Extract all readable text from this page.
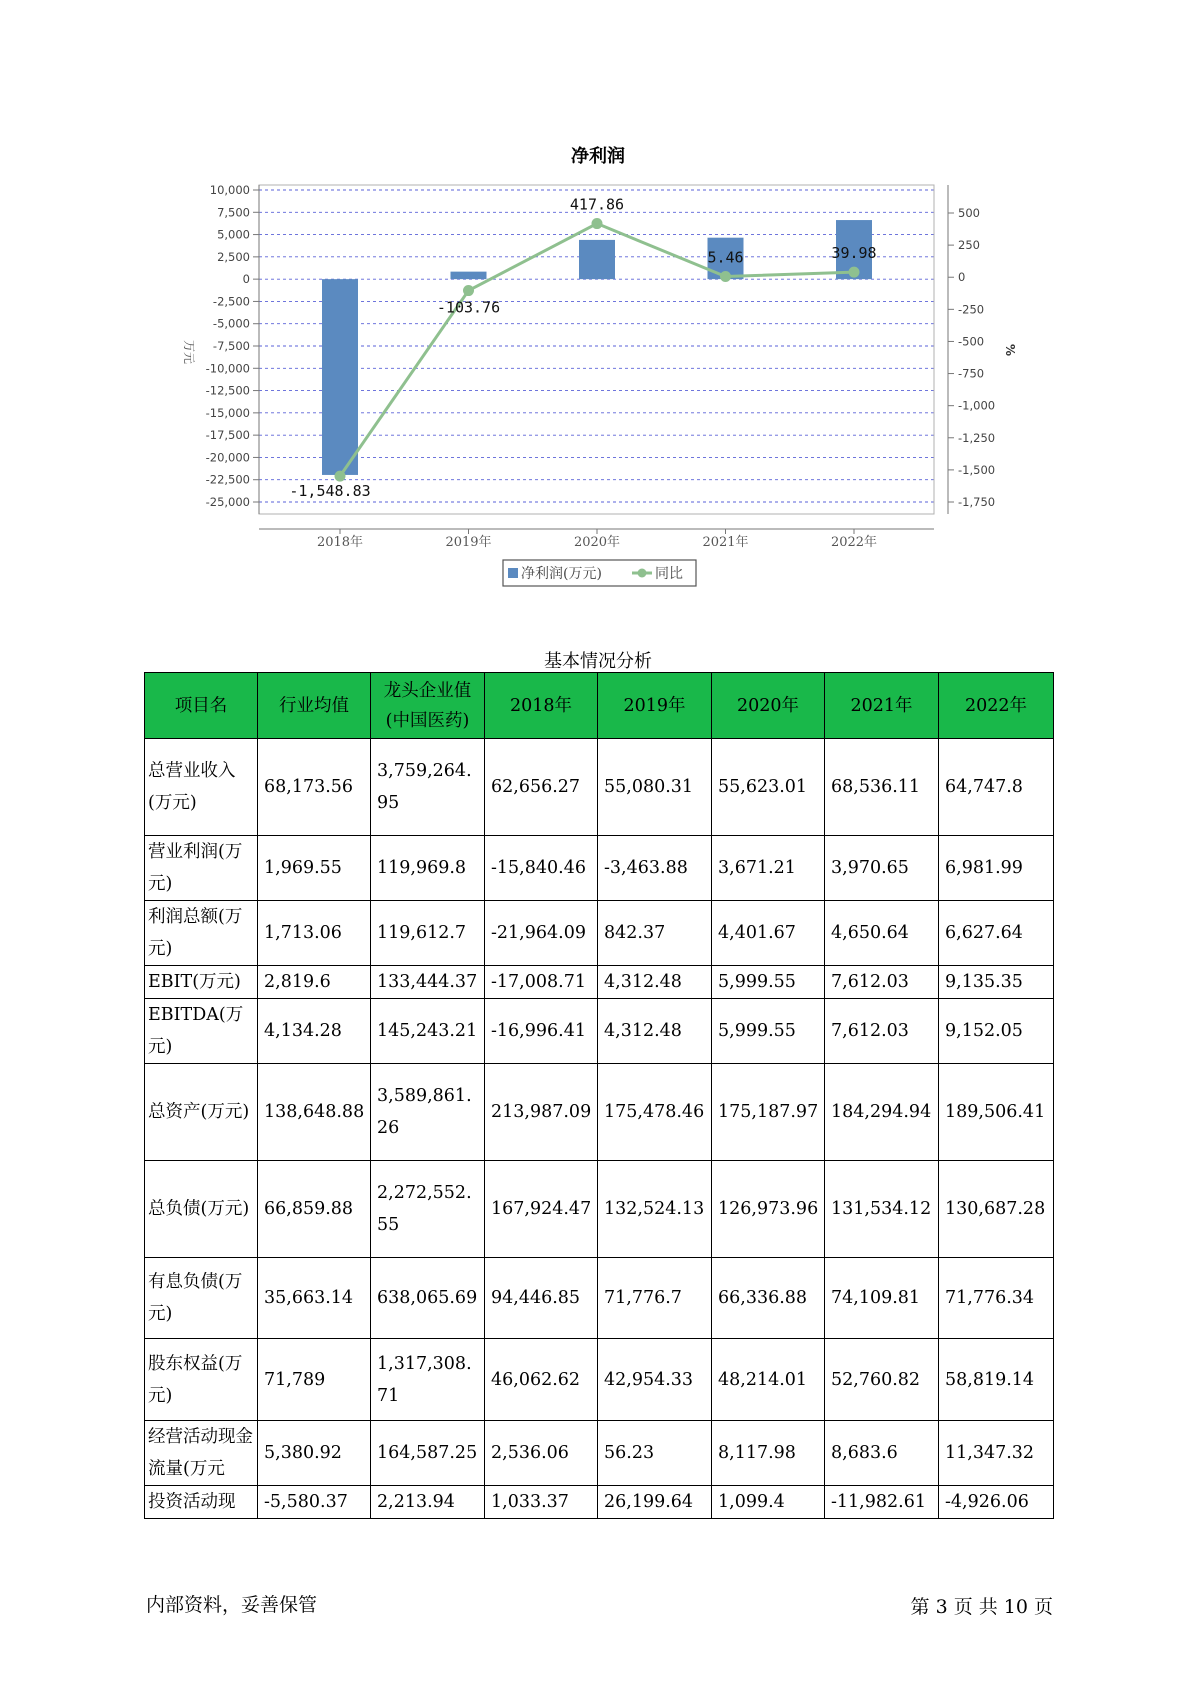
净利润
10,000
7,500
5,000
2,500
0
-2,500
-5,000
-7,500
-10,000
-12,500
-15,000
-17,500
-20,000
-22,500
-25,000
500
250
0
-250
-500
-750
-1,000
-1,250
-1,500
-1,750
2018年	2019年	2020年	2021年	2022年
-1,548.83
-103.76
417.86
5.46	39.98
万元	%
净利润(万元)	同比
基本情况分析
项目名	行业均值	龙头企业值(中国医药)	2018年	2019年	2020年	2021年	2022年
总营业收入(万元)	68,173.56	3,759,264.95	62,656.27	55,080.31	55,623.01	68,536.11	64,747.8
营业利润(万元)	1,969.55	119,969.8	-15,840.46	-3,463.88	3,671.21	3,970.65	6,981.99
利润总额(万元)	1,713.06	119,612.7	-21,964.09	842.37	4,401.67	4,650.64	6,627.64
EBIT(万元)	2,819.6	133,444.37	-17,008.71	4,312.48	5,999.55	7,612.03	9,135.35
EBITDA(万元)	4,134.28	145,243.21	-16,996.41	4,312.48	5,999.55	7,612.03	9,152.05
总资产(万元)	138,648.88	3,589,861.26	213,987.09	175,478.46	175,187.97	184,294.94	189,506.41
总负债(万元)	66,859.88	2,272,552.55	167,924.47	132,524.13	126,973.96	131,534.12	130,687.28
有息负债(万元)	35,663.14	638,065.69	94,446.85	71,776.7	66,336.88	74,109.81	71,776.34
股东权益(万元)	71,789	1,317,308.71	46,062.62	42,954.33	48,214.01	52,760.82	58,819.14
经营活动现金流量(万元	5,380.92	164,587.25	2,536.06	56.23	8,117.98	8,683.6	11,347.32
投资活动现	-5,580.37	2,213.94	1,033.37	26,199.64	1,099.4	-11,982.61	-4,926.06
内部资料，妥善保管	第 3 页 共 10 页
